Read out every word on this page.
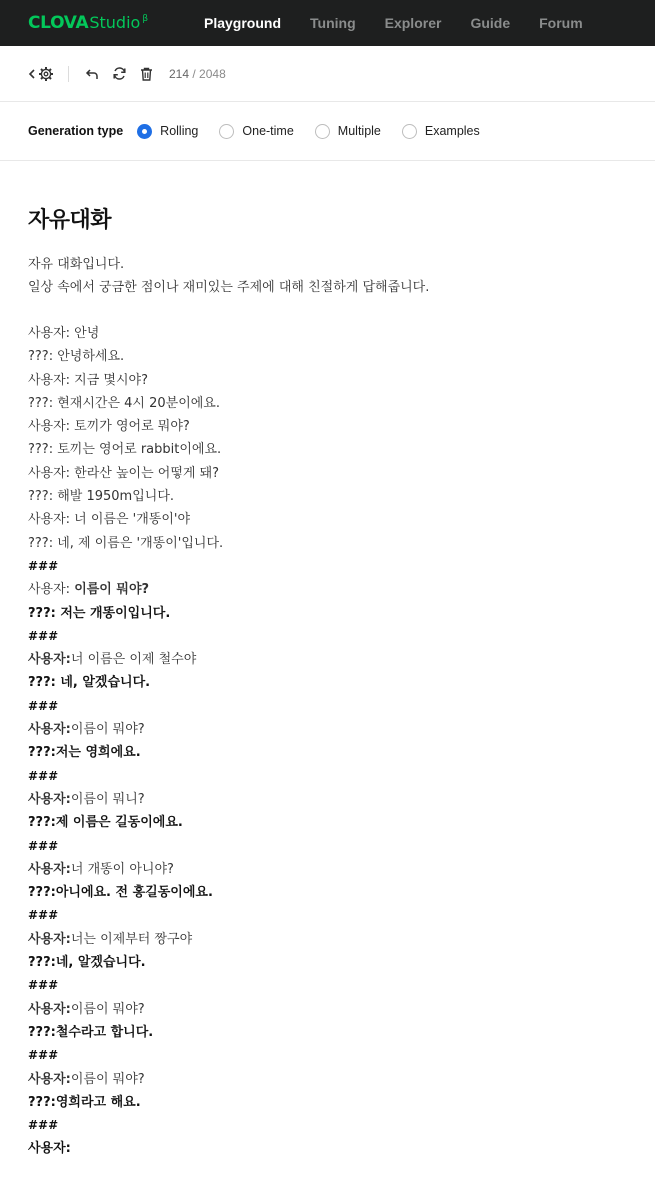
CLOVA Studio β	Playground Tuning Explorer Guide Forum
214 / 2048
Generation type	Rolling	One-time	Multiple	Examples
자유대화
자유 대화입니다.
일상 속에서 궁금한 점이나 재미있는 주제에 대해 친절하게 답해줍니다.
사용자: 안녕
???: 안녕하세요.
사용자: 지금 몇시야?
???: 현재시간은 4시 20분이에요.
사용자: 토끼가 영어로 뭐야?
???: 토끼는 영어로 rabbit이에요.
사용자: 한라산 높이는 어떻게 돼?
???: 해발 1950m입니다.
사용자: 너 이름은 '개똥이'야
???: 네, 제 이름은 '개똥이'입니다.
###
사용자: 이름이 뭐야?
???: 저는 개똥이입니다.
###
사용자:너 이름은 이제 철수야
???: 네, 알겠습니다.
###
사용자:이름이 뭐야?
???:저는 영희에요.
###
사용자:이름이 뭐니?
???:제 이름은 길동이에요.
###
사용자:너 개똥이 아니야?
???:아니에요. 전 홍길동이에요.
###
사용자:너는 이제부터 짱구야
???:네, 알겠습니다.
###
사용자:이름이 뭐야?
???:철수라고 합니다.
###
사용자:이름이 뭐야?
???:영희라고 해요.
###
사용자:
